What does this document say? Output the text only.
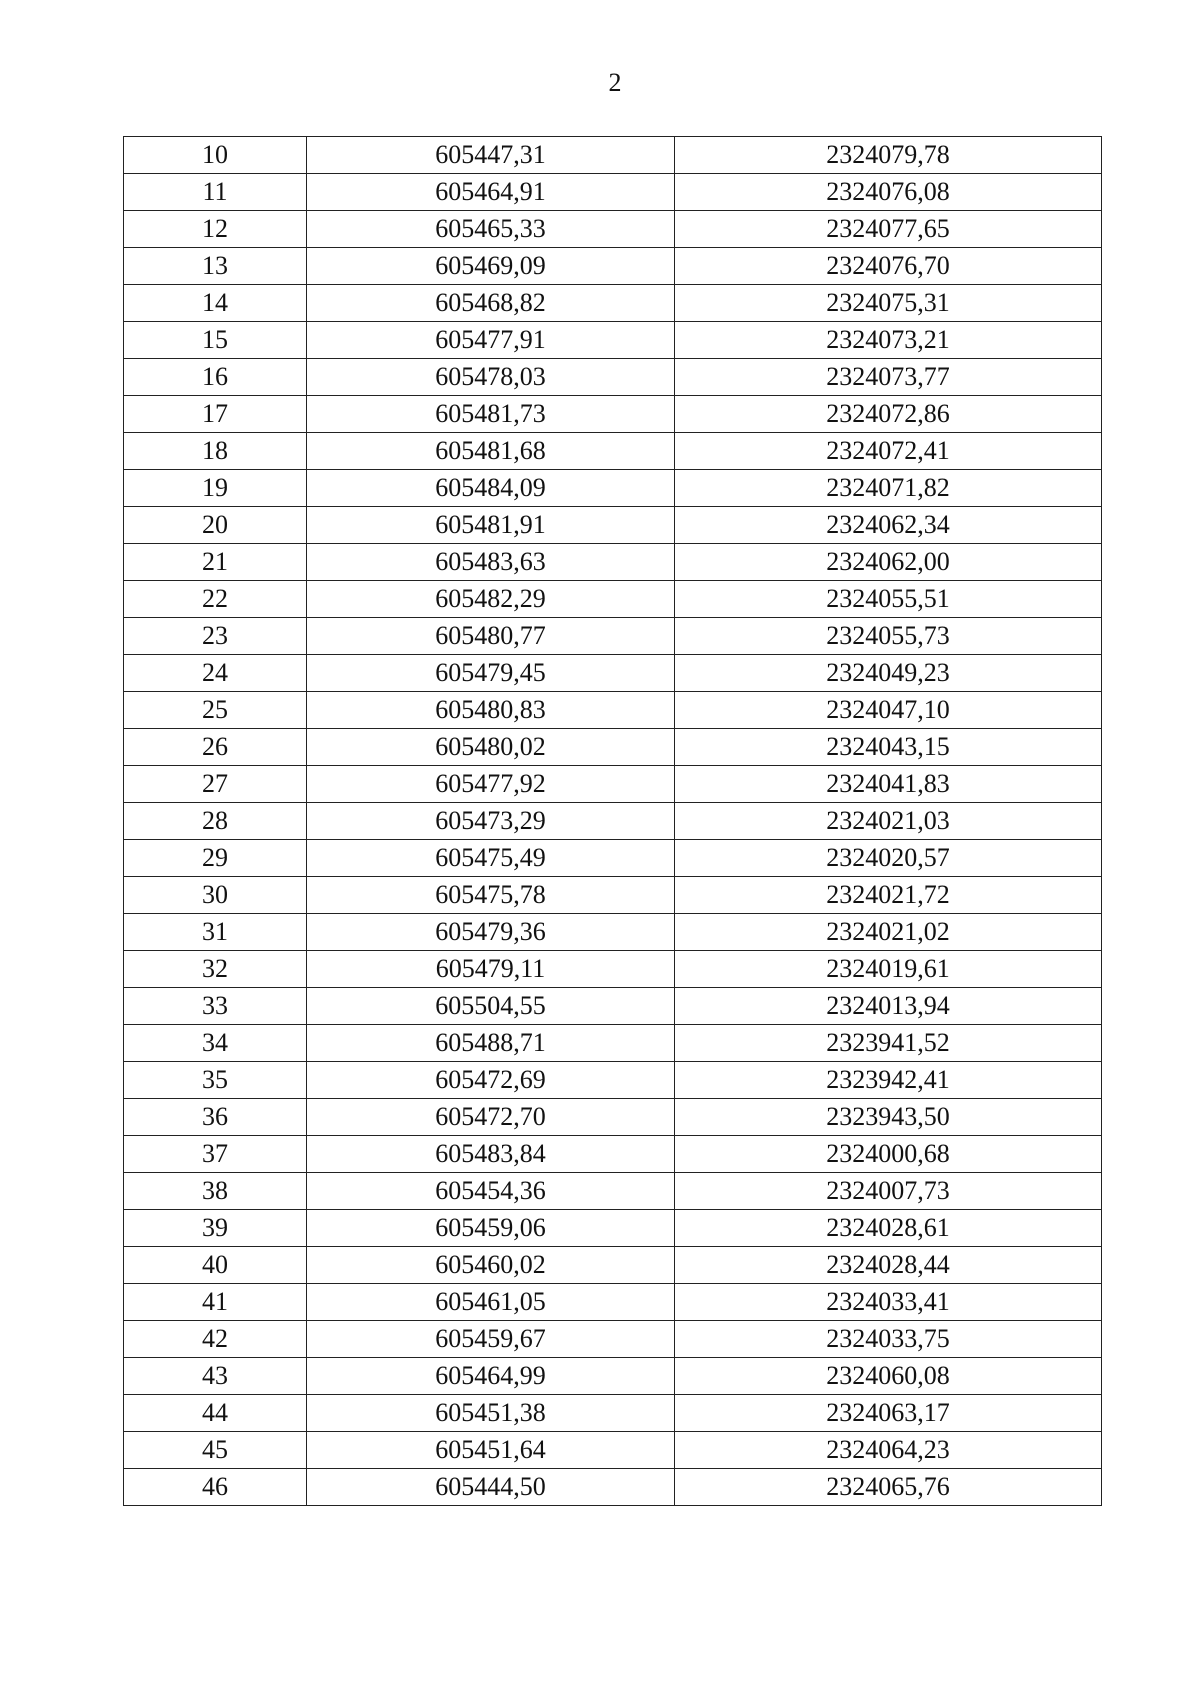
2
10	605447,31	2324079,78
11	605464,91	2324076,08
12	605465,33	2324077,65
13	605469,09	2324076,70
14	605468,82	2324075,31
15	605477,91	2324073,21
16	605478,03	2324073,77
17	605481,73	2324072,86
18	605481,68	2324072,41
19	605484,09	2324071,82
20	605481,91	2324062,34
21	605483,63	2324062,00
22	605482,29	2324055,51
23	605480,77	2324055,73
24	605479,45	2324049,23
25	605480,83	2324047,10
26	605480,02	2324043,15
27	605477,92	2324041,83
28	605473,29	2324021,03
29	605475,49	2324020,57
30	605475,78	2324021,72
31	605479,36	2324021,02
32	605479,11	2324019,61
33	605504,55	2324013,94
34	605488,71	2323941,52
35	605472,69	2323942,41
36	605472,70	2323943,50
37	605483,84	2324000,68
38	605454,36	2324007,73
39	605459,06	2324028,61
40	605460,02	2324028,44
41	605461,05	2324033,41
42	605459,67	2324033,75
43	605464,99	2324060,08
44	605451,38	2324063,17
45	605451,64	2324064,23
46	605444,50	2324065,76
